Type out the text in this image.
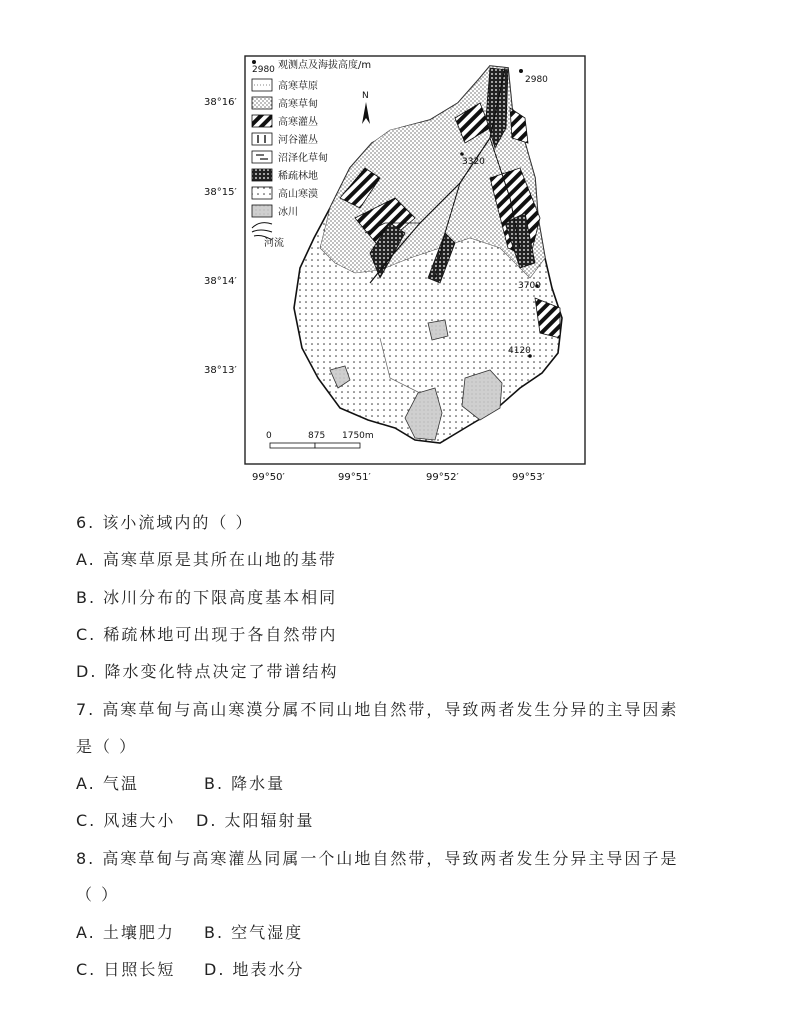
2980 观测点及海拔高度/m
高寒草原
高寒草甸
高寒灌丛
河谷灌丛
沼泽化草甸
稀疏林地
高山寒漠
冰川
河流
N
2980
3320
3700
4120
0	875 1750m
38°16′
38°15′
38°14′
38°13′
99°50′	99°51′	99°52′	99°53′
6. 该小流域内的（ ）
A. 高寒草原是其所在山地的基带
B. 冰川分布的下限高度基本相同
C. 稀疏林地可出现于各自然带内
D. 降水变化特点决定了带谱结构
7. 高寒草甸与高山寒漠分属不同山地自然带，导致两者发生分异的主导因素
是（ ）
A. 气温	B. 降水量
C. 风速大小 D. 太阳辐射量
8. 高寒草甸与高寒灌丛同属一个山地自然带，导致两者发生分异主导因子是
（ ）
A. 土壤肥力 B. 空气湿度
C. 日照长短 D. 地表水分
